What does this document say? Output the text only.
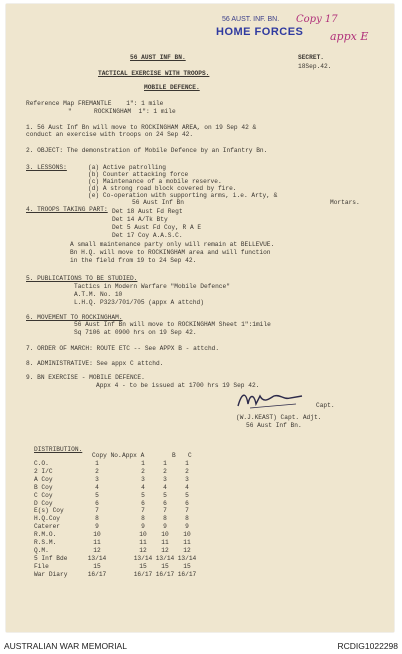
56 AUST. INF. BN.
HOME FORCES
Copy 17
appx E
56 AUST INF BN.	SECRET.
18Sep.42.
TACTICAL EXERCISE WITH TROOPS.
MOBILE DEFENCE.
Reference Map FREMANTLE    1": 1 mile
"      ROCKINGHAM  1": 1 mile
1. 56 Aust Inf Bn will move to ROCKINGHAM AREA, on 19 Sep 42 &
conduct an exercise with troops on 24 Sep 42.
2. OBJECT: The demonstration of Mobile Defence by an Infantry Bn.
3. LESSONS:	(a) Active patrolling
(b) Counter attacking force
(c) Maintenance of a mobile reserve.
(d) A strong road block covered by fire.
(e) Co-operation with supporting arms, i.e. Arty, &
Mortars.
4. TROOPS TAKING PART:
56 Aust Inf Bn
Det 18 Aust Fd Regt
Det 14 A/Tk Bty
Det 5 Aust Fd Coy, R A E
Det 17 Coy A.A.S.C.
A small maintenance party only will remain at BELLEVUE.
Bn H.Q. will move to ROCKINGHAM area and will function
in the field from 19 to 24 Sep 42.
5. PUBLICATIONS TO BE STUDIED.
Tactics in Modern Warfare "Mobile Defence"
A.T.M. No. 10
L.H.Q. P323/701/705 (appx A attchd)
6. MOVEMENT TO ROCKINGHAM.
56 Aust Inf Bn will move to ROCKINGHAM Sheet 1":1mile
Sq 7106 at 0900 hrs on 19 Sep 42.
7. ORDER OF MARCH: ROUTE ETC -- See APPX B - attchd.
8. ADMINISTRATIVE: See appx C attchd.
9. BN EXERCISE - MOBILE DEFENCE.
Appx 4 - to be issued at 1700 hrs 19 Sep 42.
Capt.
(W.J.KEAST) Capt. Adjt.
56 Aust Inf Bn.
DISTRIBUTION.
Copy No. Appx A	B C
C.O.	1	1	1	1
2 I/C	2	2	2	2
A Coy	3	3	3	3
B Coy	4	4	4	4
C Coy	5	5	5	5
D Coy	6	6	6	6
E(s) Coy	7	7	7	7
H.Q.Coy	8	8	8	8
Caterer	9	9	9	9
R.M.O.	10	10	10	10
R.S.M.	11	11	11	11
Q.M.	12	12	12	12
5 Inf Bde	13/14	13/14 13/14 13/14
File	15	15	15	15
War Diary	16/17	16/17 16/17 16/17
AUSTRALIAN WAR MEMORIAL	RCDIG1022298
